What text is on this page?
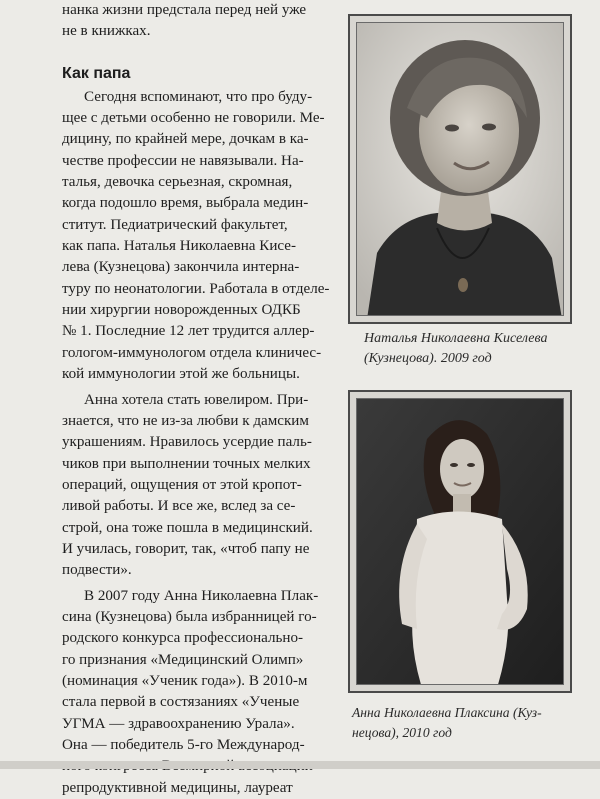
нанка жизни предстала перед ней уже

не в книжках.

Как папа

Сегодня вспоминают, что про буду-

щее с детьми особенно не говорили. Ме-

дицину, по крайней мере, дочкам в ка-

честве профессии не навязывали. На-

талья, девочка серьезная, скромная,

когда подошло время, выбрала медин-

ститут. Педиатрический факультет,

как папа. Наталья Николаевна Кисе-

лева (Кузнецова) закончила интерна-

туру по неонатологии. Работала в отделе-

нии хирургии новорожденных ОДКБ

№ 1. Последние 12 лет трудится аллер-

гологом-иммунологом отдела клиничес-

кой иммунологии этой же больницы.

Анна хотела стать ювелиром. При-

знается, что не из-за любви к дамским

украшениям. Нравилось усердие паль-

чиков при выполнении точных мелких

операций, ощущения от этой кропот-

ливой работы. И все же, вслед за се-

строй, она тоже пошла в медицинский.

И училась, говорит, так, «чтоб папу не

подвести».

В 2007 году Анна Николаевна Плак-

сина (Кузнецова) была избранницей го-

родского конкурса профессионально-

го признания «Медицинский Олимп»

(номинация «Ученик года»). В 2010-м

стала первой в состязаниях «Ученые

УГМА — здравоохранению Урала».

Она — победитель 5-го Международ-

репродуктивной медицины, лауреат

Наталья Николаевна Киселева
(Кузнецова). 2009 год
Анна Николаевна Плаксина (Куз-
нецова), 2010 год
